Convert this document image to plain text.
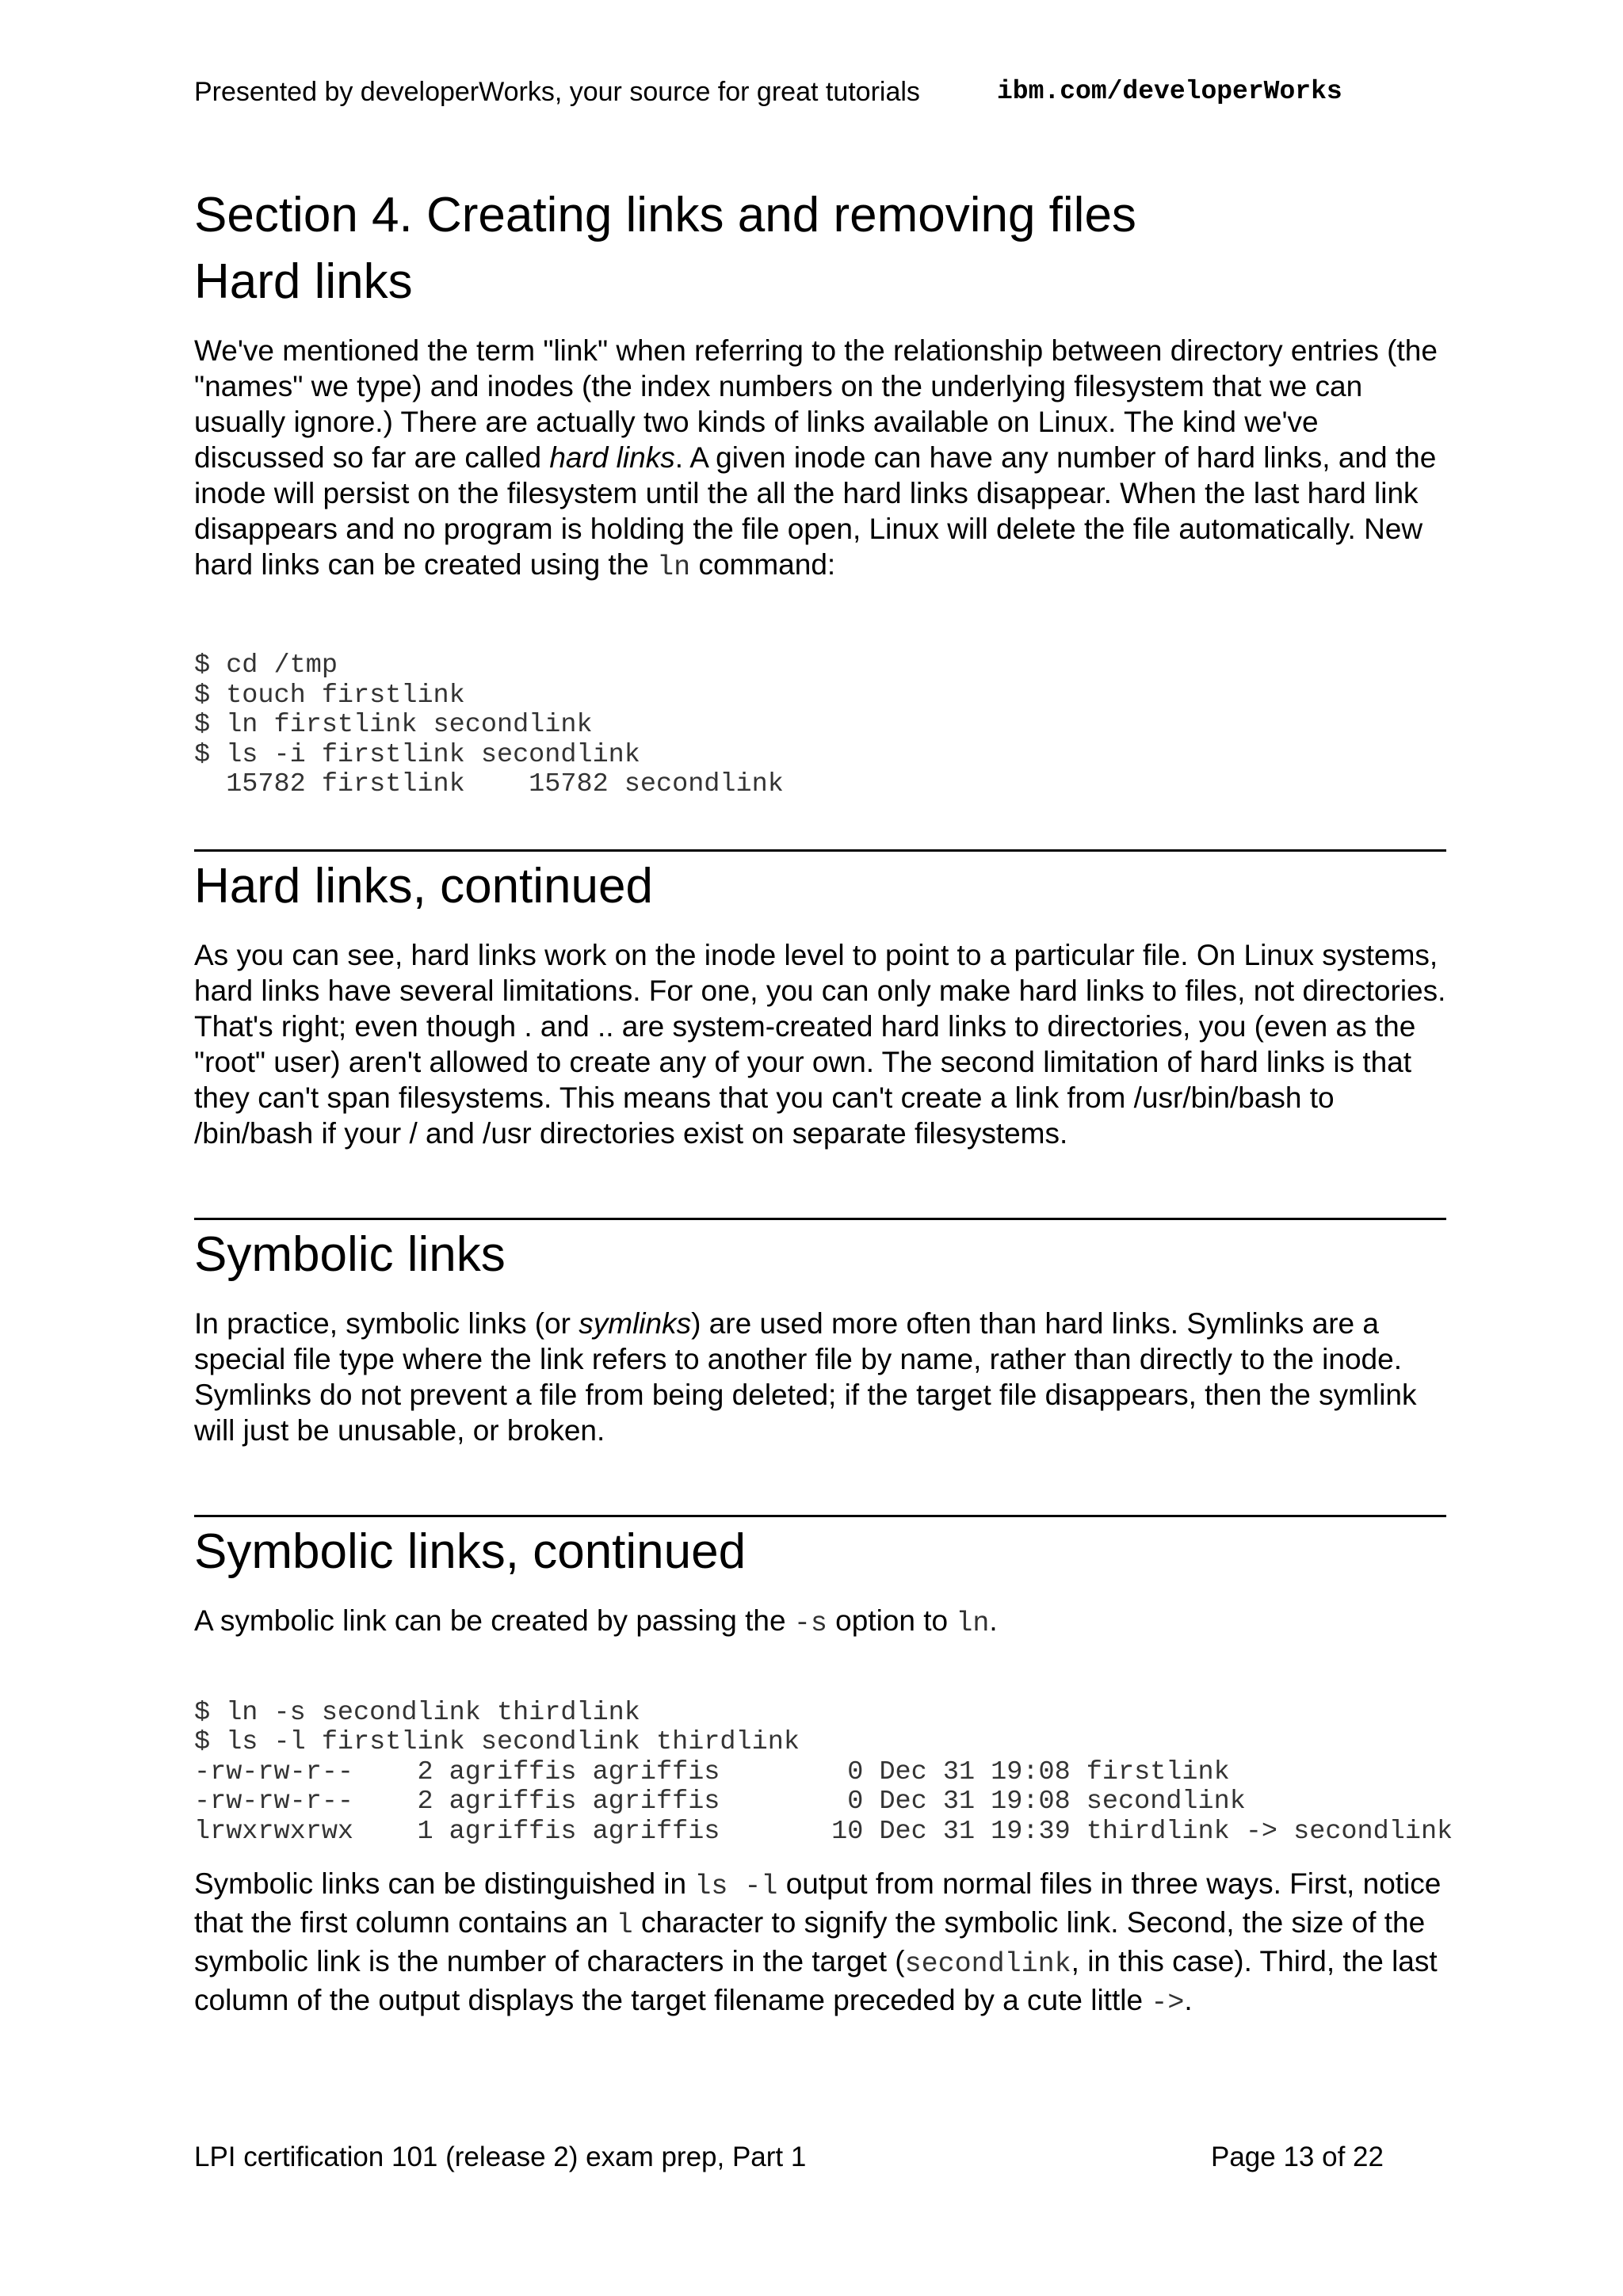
Presented by developerWorks, your source for great tutorials	ibm.com/developerWorks
Section 4. Creating links and removing files
Hard links

We've mentioned the term "link" when referring to the relationship between directory entries (the "names" we type) and inodes (the index numbers on the underlying filesystem that we can usually ignore.) There are actually two kinds of links available on Linux. The kind we've discussed so far are called hard links. A given inode can have any number of hard links, and the inode will persist on the filesystem until the all the hard links disappear. When the last hard link disappears and no program is holding the file open, Linux will delete the file automatically. New hard links can be created using the ln command:

$ cd /tmp
$ touch firstlink
$ ln firstlink secondlink
$ ls -i firstlink secondlink
15782 firstlink    15782 secondlink
Hard links, continued

As you can see, hard links work on the inode level to point to a particular file. On Linux systems, hard links have several limitations. For one, you can only make hard links to files, not directories. That's right; even though . and .. are system-created hard links to directories, you (even as the "root" user) aren't allowed to create any of your own. The second limitation of hard links is that they can't span filesystems. This means that you can't create a link from /usr/bin/bash to /bin/bash if your / and /usr directories exist on separate filesystems.

Symbolic links

In practice, symbolic links (or symlinks) are used more often than hard links. Symlinks are a special file type where the link refers to another file by name, rather than directly to the inode. Symlinks do not prevent a file from being deleted; if the target file disappears, then the symlink will just be unusable, or broken.

Symbolic links, continued

A symbolic link can be created by passing the -s option to ln.

$ ln -s secondlink thirdlink
$ ls -l firstlink secondlink thirdlink
-rw-rw-r--    2 agriffis agriffis        0 Dec 31 19:08 firstlink
-rw-rw-r--    2 agriffis agriffis        0 Dec 31 19:08 secondlink
lrwxrwxrwx    1 agriffis agriffis       10 Dec 31 19:39 thirdlink -> secondlink

Symbolic links can be distinguished in ls -l output from normal files in three ways. First, notice that the first column contains an l character to signify the symbolic link. Second, the size of the symbolic link is the number of characters in the target (secondlink, in this case). Third, the last column of the output displays the target filename preceded by a cute little ->.

LPI certification 101 (release 2) exam prep, Part 1	Page 13 of 22
